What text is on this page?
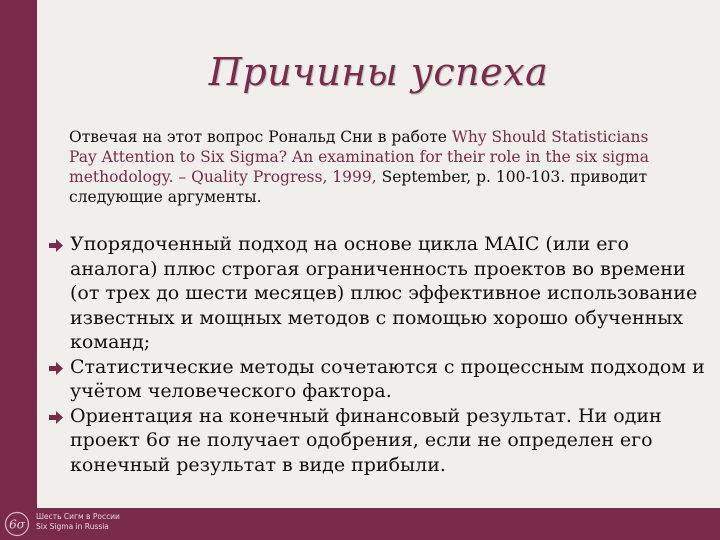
Причины успеха
Отвечая на этот вопрос Рональд Сни в работе Why Should Statisticians Pay Attention to Six Sigma? An examination for their role in the six sigma methodology. – Quality Progress, 1999, September, p. 100-103. приводит следующие аргументы.
Упорядоченный подход на основе цикла MAIC (или его аналога) плюс строгая ограниченность проектов во времени (от трех до шести месяцев) плюс эффективное использование известных и мощных методов с помощью хорошо обученных команд;
Статистические методы сочетаются с процессным подходом и учётом человеческого фактора.
Ориентация на конечный финансовый результат. Ни один проект 6σ не получает одобрения, если не определен его конечный результат в виде прибыли.
6σ
Шесть Сигм в России
Six Sigma in Russia
